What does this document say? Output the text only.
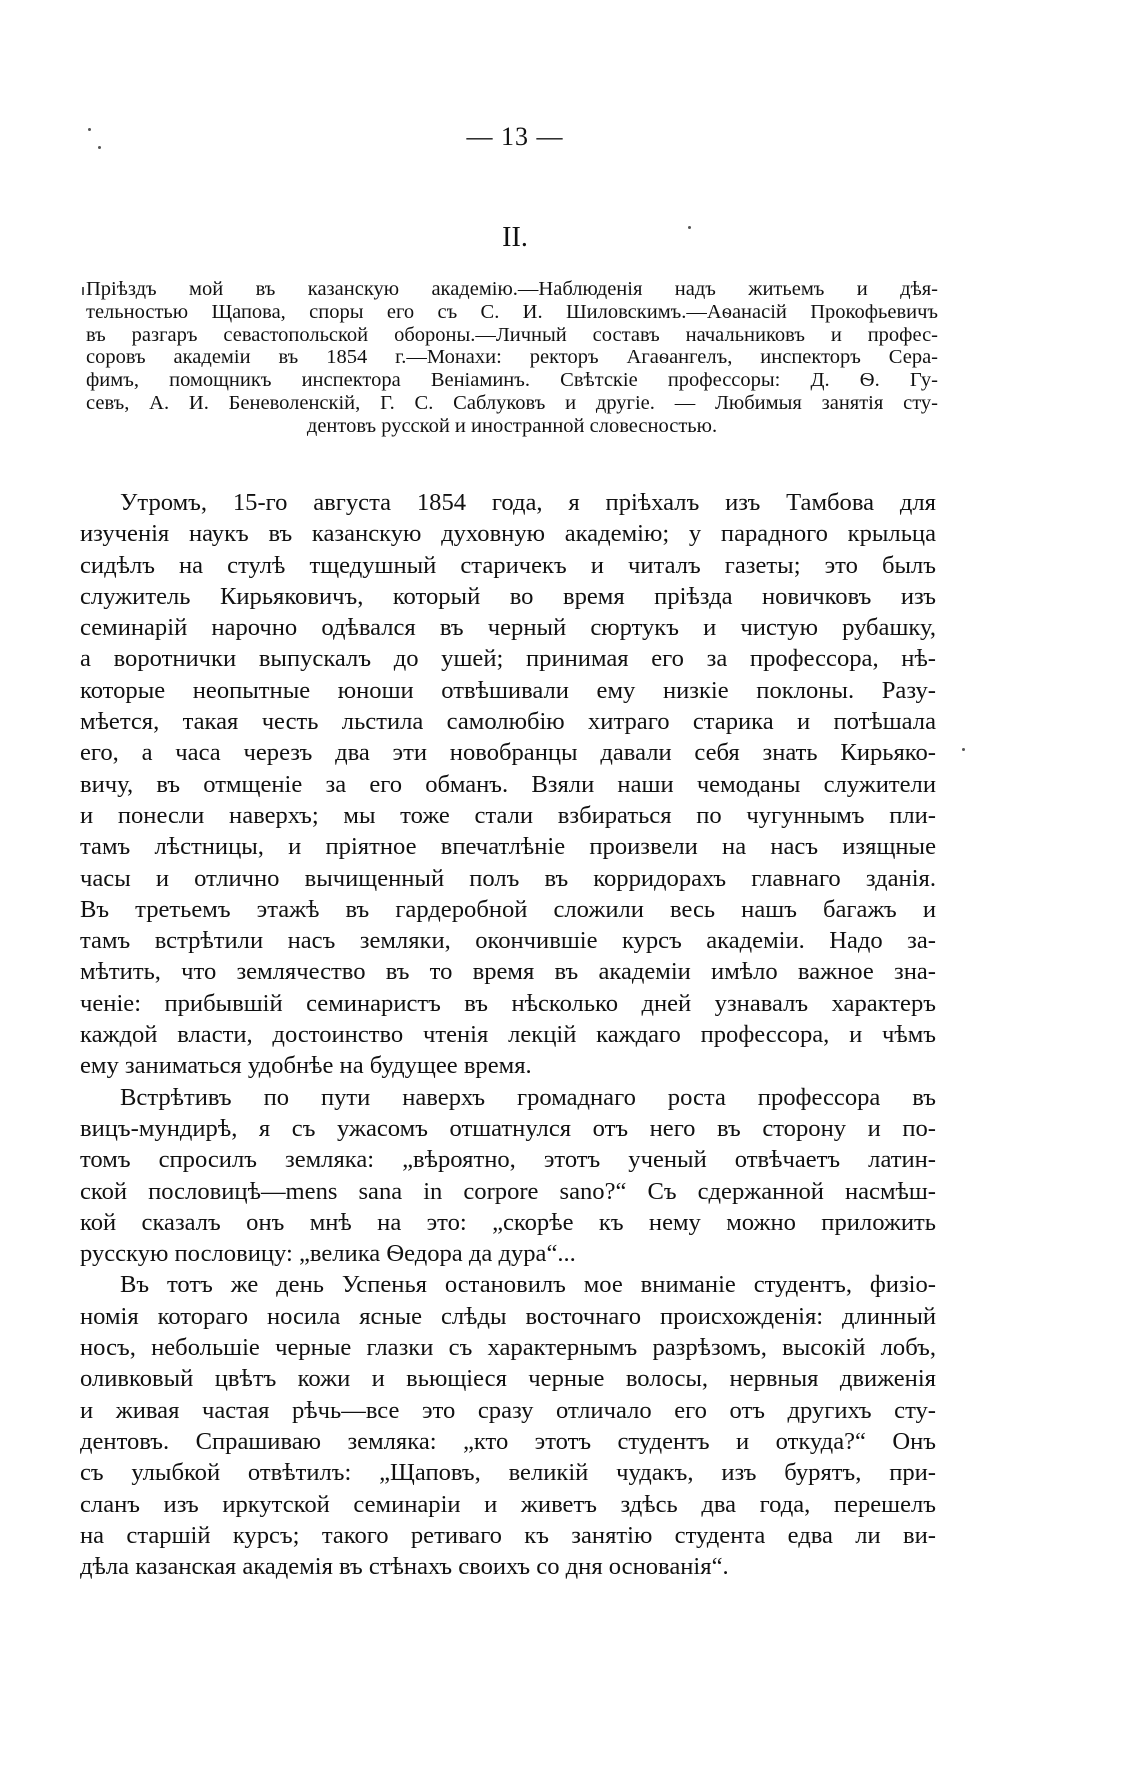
— 13 —
II.
Пріѣздъ мой въ казанскую академію.—Наблюденія надъ житьемъ и дѣя-
тельностью Щапова, споры его съ С. И. Шиловскимъ.—Аѳанасій Прокофьевичъ
въ разгаръ севастопольской обороны.—Личный составъ начальниковъ и профес-
соровъ академіи въ 1854 г.—Монахи: ректоръ Агаѳангелъ, инспекторъ Сера-
фимъ, помощникъ инспектора Веніаминъ. Свѣтскіе профессоры: Д. Ѳ. Гу-
севъ, А. И. Беневоленскій, Г. С. Саблуковъ и другіе. — Любимыя занятія сту-
дентовъ русской и иностранной словесностью.
Утромъ, 15-го августа 1854 года, я пріѣхалъ изъ Тамбова для
изученія наукъ въ казанскую духовную академію; у парадного крыльца
сидѣлъ на стулѣ тщедушный старичекъ и читалъ газеты; это былъ
служитель Кирьяковичъ, который во время пріѣзда новичковъ изъ
семинарій нарочно одѣвался въ черный сюртукъ и чистую рубашку,
а воротнички выпускалъ до ушей; принимая его за профессора, нѣ-
которые неопытные юноши отвѣшивали ему низкіе поклоны. Разу-
мѣется, такая честь льстила самолюбію хитраго старика и потѣшала
его, а часа черезъ два эти новобранцы давали себя знать Кирьяко-
вичу, въ отмщеніе за его обманъ. Взяли наши чемоданы служители
и понесли наверхъ; мы тоже стали взбираться по чугуннымъ пли-
тамъ лѣстницы, и пріятное впечатлѣніе произвели на насъ изящные
часы и отлично вычищенный полъ въ корридорахъ главнаго зданія.
Въ третьемъ этажѣ въ гардеробной сложили весь нашъ багажъ и
тамъ встрѣтили насъ земляки, окончившіе курсъ академіи. Надо за-
мѣтить, что землячество въ то время въ академіи имѣло важное зна-
ченіе: прибывшій семинаристъ въ нѣсколько дней узнавалъ характеръ
каждой власти, достоинство чтенія лекцій каждаго профессора, и чѣмъ
ему заниматься удобнѣе на будущее время.
Встрѣтивъ по пути наверхъ громаднаго роста профессора въ
вицъ-мундирѣ, я съ ужасомъ отшатнулся отъ него въ сторону и по-
томъ спросилъ земляка: „вѣроятно, этотъ ученый отвѣчаетъ латин-
ской пословицѣ—mens sana in corpore sano?“ Съ сдержанной насмѣш-
кой сказалъ онъ мнѣ на это: „скорѣе къ нему можно приложить
русскую пословицу: „велика Ѳедора да дура“...
Въ тотъ же день Успенья остановилъ мое вниманіе студентъ, физіо-
номія котораго носила ясные слѣды восточнаго происхожденія: длинный
носъ, небольшіе черные глазки съ характернымъ разрѣзомъ, высокій лобъ,
оливковый цвѣтъ кожи и вьющіеся черные волосы, нервныя движенія
и живая частая рѣчь—все это сразу отличало его отъ другихъ сту-
дентовъ. Спрашиваю земляка: „кто этотъ студентъ и откуда?“ Онъ
съ улыбкой отвѣтилъ: „Щаповъ, великій чудакъ, изъ бурятъ, при-
сланъ изъ иркутской семинаріи и живетъ здѣсь два года, перешелъ
на старшій курсъ; такого ретиваго къ занятію студента едва ли ви-
дѣла казанская академія въ стѣнахъ своихъ со дня основанія“.
